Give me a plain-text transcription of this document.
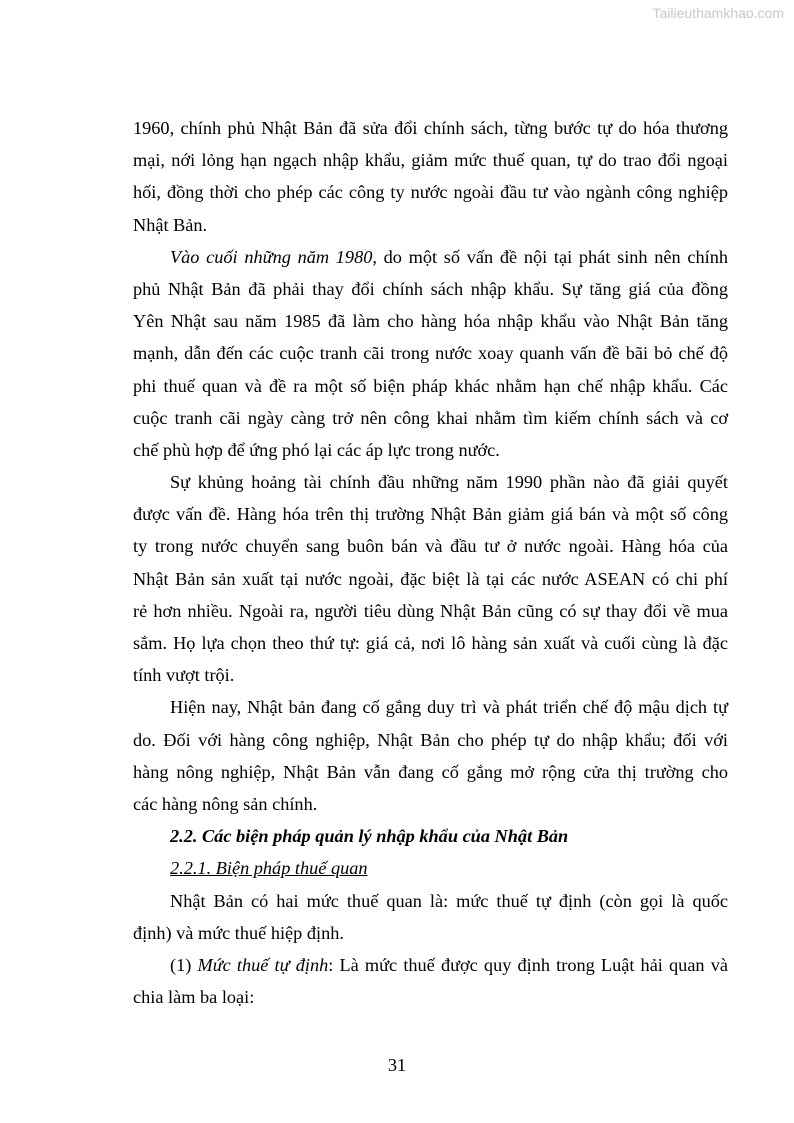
Tailieuthamkhao.com
1960, chính phủ Nhật Bản đã sửa đổi chính sách, từng bước tự do hóa thương
mại, nới lỏng hạn ngạch nhập khẩu, giảm mức thuế quan, tự do trao đổi ngoại
hối, đồng thời cho phép các công ty nước ngoài đầu tư vào ngành công nghiệp
Nhật Bản.
Vào cuối những năm 1980, do một số vấn đề nội tại phát sinh nên chính
phủ Nhật Bản đã phải thay đổi chính sách nhập khẩu. Sự tăng giá của đồng
Yên Nhật sau năm 1985 đã làm cho hàng hóa nhập khẩu vào Nhật Bản tăng
mạnh, dẫn đến các cuộc tranh cãi trong nước xoay quanh vấn đề bãi bỏ chế độ
phi thuế quan và đề ra một số biện pháp khác nhằm hạn chế nhập khẩu. Các
cuộc tranh cãi ngày càng trở nên công khai nhằm tìm kiếm chính sách và cơ
chế phù hợp để ứng phó lại các áp lực trong nước.
Sự khủng hoảng tài chính đầu những năm 1990 phần nào đã giải quyết
được vấn đề. Hàng hóa trên thị trường Nhật Bản giảm giá bán và một số công
ty trong nước chuyển sang buôn bán và đầu tư ở nước ngoài. Hàng hóa của
Nhật Bản sản xuất tại nước ngoài, đặc biệt là tại các nước ASEAN có chi phí
rẻ hơn nhiều. Ngoài ra, người tiêu dùng Nhật Bản cũng có sự thay đổi về mua
sắm. Họ lựa chọn theo thứ tự: giá cả, nơi lô hàng sản xuất và cuối cùng là đặc
tính vượt trội.
Hiện nay, Nhật bản đang cố gắng duy trì và phát triển chế độ mậu dịch tự
do. Đối với hàng công nghiệp, Nhật Bản cho phép tự do nhập khẩu; đối với
hàng nông nghiệp, Nhật Bản vẫn đang cố gắng mở rộng cửa thị trường cho
các hàng nông sản chính.
2.2. Các biện pháp quản lý nhập khẩu của Nhật Bản
2.2.1. Biện pháp thuế quan
Nhật Bản có hai mức thuế quan là: mức thuế tự định (còn gọi là quốc
định) và mức thuế hiệp định.
(1) Mức thuế tự định: Là mức thuế được quy định trong Luật hải quan và
chia làm ba loại:
31
